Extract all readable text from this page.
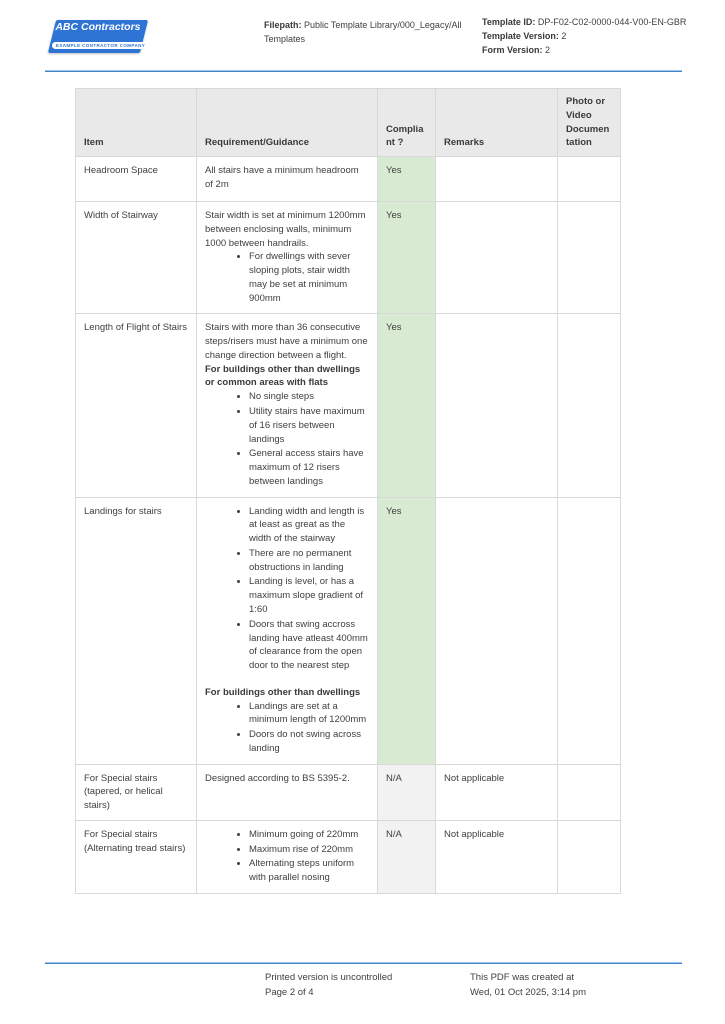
ABC Contractors
EXAMPLE CONTRACTOR COMPANY
Filepath: Public Template Library/000_Legacy/All Templates
Template ID: DP-F02-C02-0000-044-V00-EN-GBR
Template Version: 2
Form Version: 2
Item	Requirement/Guidance	Compliant ?	Remarks	Photo or Video Documentation
Headroom Space	All stairs have a minimum headroom of 2m	Yes		
Width of Stairway	Stair width is set at minimum 1200mm between enclosing walls, minimum 1000 between handrails.

• For dwellings with sever sloping plots, stair width may be set at minimum 900mm
	Yes		
Length of Flight of Stairs	Stairs with more than 36 consecutive steps/risers must have a minimum one change direction between a flight.

For buildings other than dwellings or common areas with flats

• No single steps
• Utility stairs have maximum of 16 risers between landings
• General access stairs have maximum of 12 risers between landings
	Yes		
Landings for stairs	
•Landing width and length is at least as great as the width of the stairway
• There are no permanent obstructions in landing
• Landing is level, or has a maximum slope gradient of 1:60
• Doors that swing accross landing have atleast 400mm of clearance from the open door to the nearest step

For buildings other than dwellings

• Landings are set at a minimum length of 1200mm
• Doors do not swing across landing
	Yes		
For Special stairs (tapered, or helical stairs)	Designed according to BS 5395-2.	N/A	Not applicable	
For Special stairs (Alternating tread stairs)	
• Minimum going of 220mm
• Maximum rise of 220mm
• Alternating steps uniform with parallel nosing
	N/A	Not applicable	
Printed version is uncontrolled
Page 2 of 4
This PDF was created at
Wed, 01 Oct 2025, 3:14 pm
